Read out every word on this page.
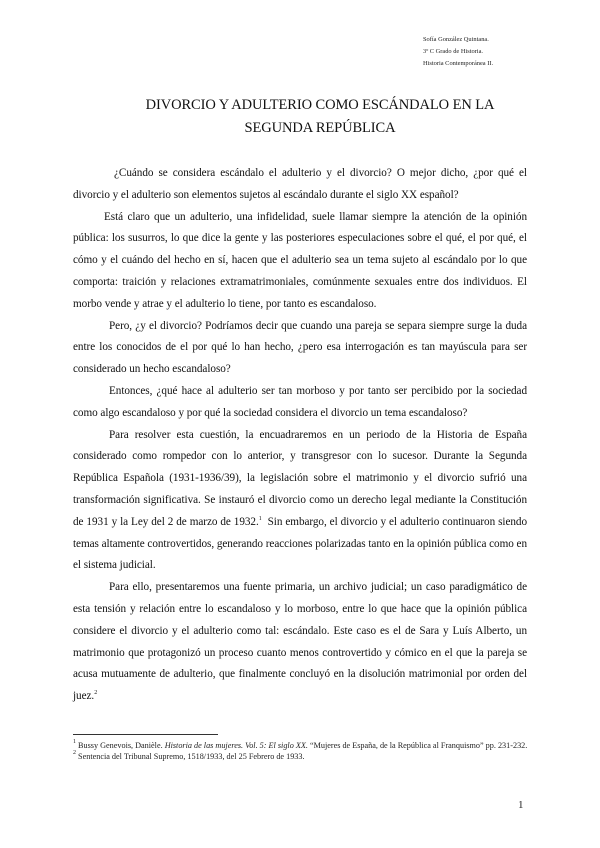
Sofía González Quintana.
3º C Grado de Historia.
Historia Contemporánea II.
DIVORCIO Y ADULTERIO COMO ESCÁNDALO EN LA
SEGUNDA REPÚBLICA

¿Cuándo se considera escándalo el adulterio y el divorcio? O mejor dicho, ¿por qué el divorcio y el adulterio son elementos sujetos al escándalo durante el siglo XX español?

Está claro que un adulterio, una infidelidad, suele llamar siempre la atención de la opinión pública: los susurros, lo que dice la gente y las posteriores especulaciones sobre el qué, el por qué, el cómo y el cuándo del hecho en sí, hacen que el adulterio sea un tema sujeto al escándalo por lo que comporta: traición y relaciones extramatrimoniales, comúnmente sexuales entre dos individuos. El morbo vende y atrae y el adulterio lo tiene, por tanto es escandaloso.

Pero, ¿y el divorcio? Podríamos decir que cuando una pareja se separa siempre surge la duda entre los conocidos de el por qué lo han hecho, ¿pero esa interrogación es tan mayúscula para ser considerado un hecho escandaloso?

Entonces, ¿qué hace al adulterio ser tan morboso y por tanto ser percibido por la sociedad como algo escandaloso y por qué la sociedad considera el divorcio un tema escandaloso?

Para resolver esta cuestión, la encuadraremos en un periodo de la Historia de España considerado como rompedor con lo anterior, y transgresor con lo sucesor. Durante la Segunda República Española (1931-1936/39), la legislación sobre el matrimonio y el divorcio sufrió una transformación significativa. Se instauró el divorcio como un derecho legal mediante la Constitución de 1931 y la Ley del 2 de marzo de 1932.$^1$  Sin embargo, el divorcio y el adulterio continuaron siendo temas altamente controvertidos, generando reacciones polarizadas tanto en la opinión pública como en el sistema judicial.

Para ello, presentaremos una fuente primaria, un archivo judicial; un caso paradigmático de esta tensión y relación entre lo escandaloso y lo morboso, entre lo que hace que la opinión pública considere el divorcio y el adulterio como tal: escándalo. Este caso es el de Sara y Luís Alberto, un matrimonio que protagonizó un proceso cuanto menos controvertido y cómico en el que la pareja se acusa mutuamente de adulterio, que finalmente concluyó en la disolución matrimonial por orden del juez.$^2$

$^1$ Bussy Genevois, Danièle. Historia de las mujeres. Vol. 5: El siglo XX. “Mujeres de España, de la República al Franquismo” pp. 231-232.
$^2$ Sentencia del Tribunal Supremo, 1518/1933, del 25 Febrero de 1933.
1
